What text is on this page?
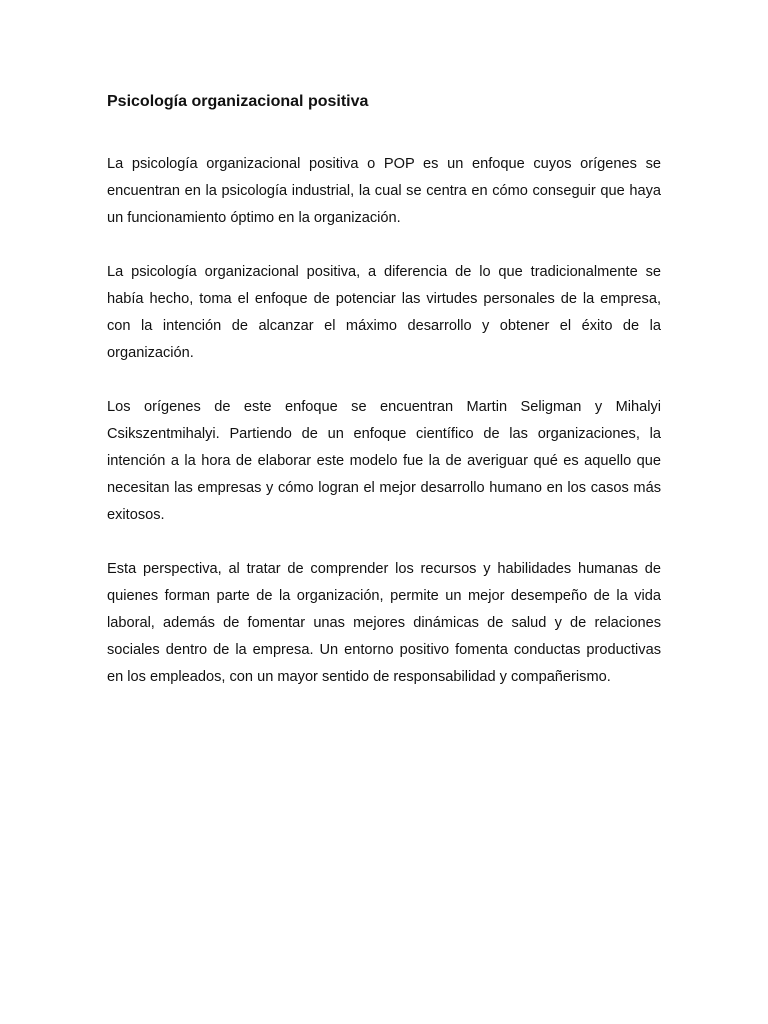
Psicología organizacional positiva

La psicología organizacional positiva o POP es un enfoque cuyos orígenes se encuentran en la psicología industrial, la cual se centra en cómo conseguir que haya un funcionamiento óptimo en la organización.

La psicología organizacional positiva, a diferencia de lo que tradicionalmente se había hecho, toma el enfoque de potenciar las virtudes personales de la empresa, con la intención de alcanzar el máximo desarrollo y obtener el éxito de la organización.

Los orígenes de este enfoque se encuentran Martin Seligman y Mihalyi Csikszentmihalyi. Partiendo de un enfoque científico de las organizaciones, la intención a la hora de elaborar este modelo fue la de averiguar qué es aquello que necesitan las empresas y cómo logran el mejor desarrollo humano en los casos más exitosos.

Esta perspectiva, al tratar de comprender los recursos y habilidades humanas de quienes forman parte de la organización, permite un mejor desempeño de la vida laboral, además de fomentar unas mejores dinámicas de salud y de relaciones sociales dentro de la empresa. Un entorno positivo fomenta conductas productivas en los empleados, con un mayor sentido de responsabilidad y compañerismo.
